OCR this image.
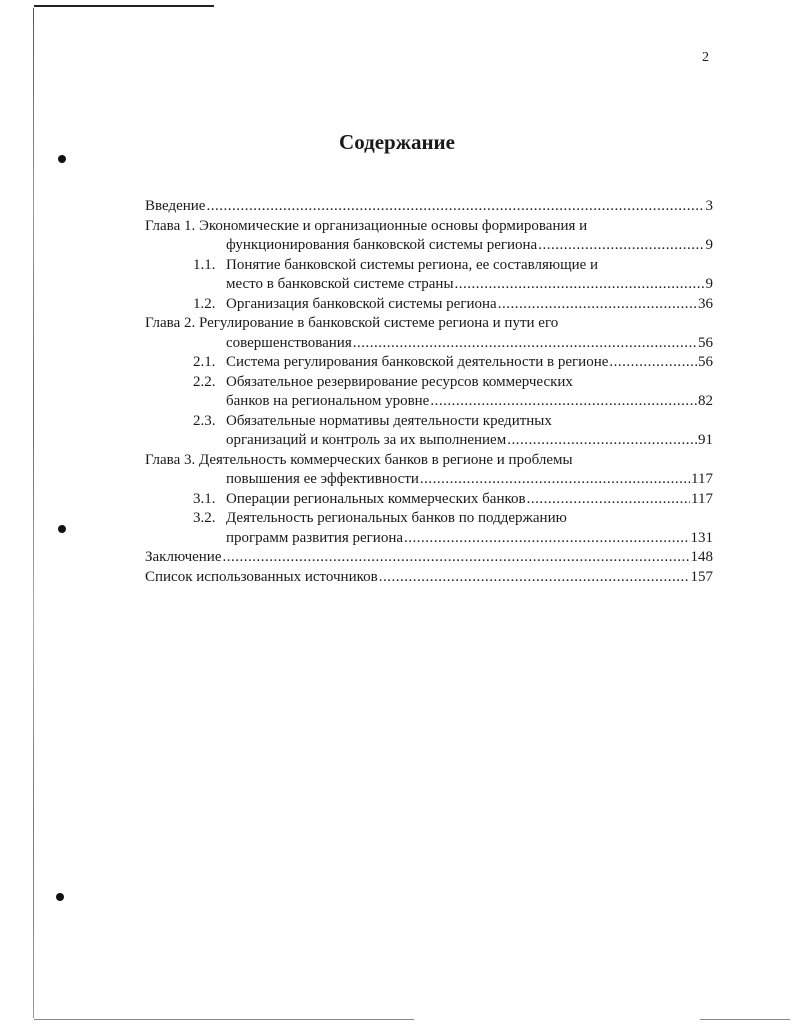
2
Содержание
Введение .....	3
Глава 1. Экономические и организационные основы формирования и
функционирования банковской системы региона .....	9
1.1. Понятие банковской системы региона, ее составляющие и
место в банковской системе страны .....	9
1.2. Организация банковской системы региона .....	36
Глава 2. Регулирование в банковской системе региона и пути его
совершенствования .....	56
2.1. Система регулирования банковской деятельности в регионе .....	56
2.2. Обязательное резервирование ресурсов коммерческих
банков на региональном уровне .....	82
2.3. Обязательные нормативы деятельности кредитных
организаций и контроль за их выполнением .....	91
Глава 3. Деятельность коммерческих банков в регионе и проблемы
повышения ее эффективности .....	117
3.1. Операции региональных коммерческих банков .....	117
3.2. Деятельность региональных банков по поддержанию
программ развития региона .....	131
Заключение .....	148
Список использованных источников .....	157
